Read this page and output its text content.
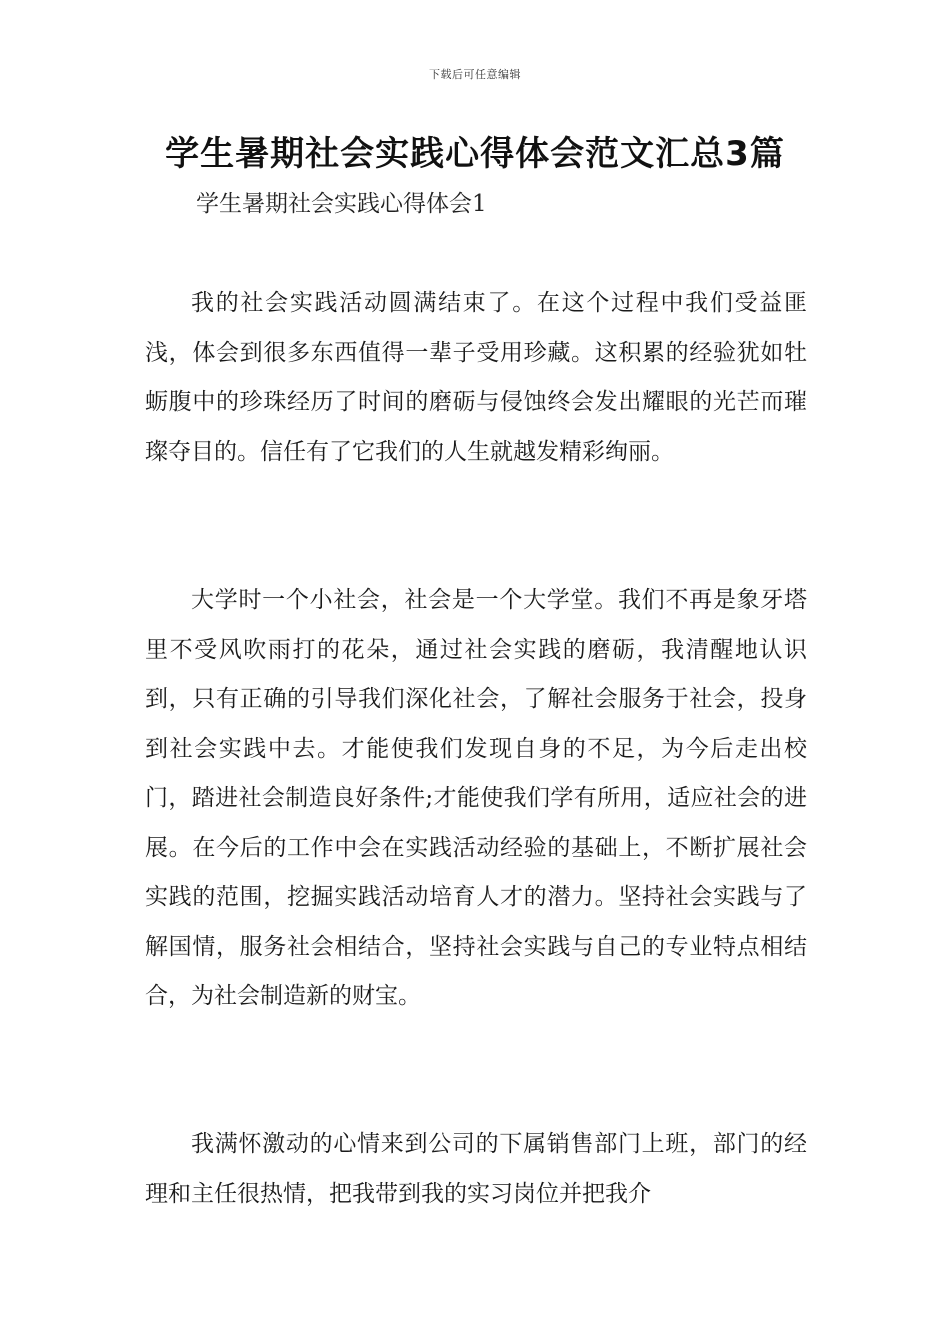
下载后可任意编辑
学生暑期社会实践心得体会范文汇总3篇

学生暑期社会实践心得体会1

我的社会实践活动圆满结束了。在这个过程中我们受益匪浅，体会到很多东西值得一辈子受用珍藏。这积累的经验犹如牡蛎腹中的珍珠经历了时间的磨砺与侵蚀终会发出耀眼的光芒而璀璨夺目的。信任有了它我们的人生就越发精彩绚丽。

大学时一个小社会，社会是一个大学堂。我们不再是象牙塔里不受风吹雨打的花朵，通过社会实践的磨砺，我清醒地认识到，只有正确的引导我们深化社会，了解社会服务于社会，投身到社会实践中去。才能使我们发现自身的不足，为今后走出校门，踏进社会制造良好条件;才能使我们学有所用，适应社会的进展。在今后的工作中会在实践活动经验的基础上，不断扩展社会实践的范围，挖掘实践活动培育人才的潜力。坚持社会实践与了解国情，服务社会相结合，坚持社会实践与自己的专业特点相结合，为社会制造新的财宝。

我满怀激动的心情来到公司的下属销售部门上班，部门的经理和主任很热情，把我带到我的实习岗位并把我介
